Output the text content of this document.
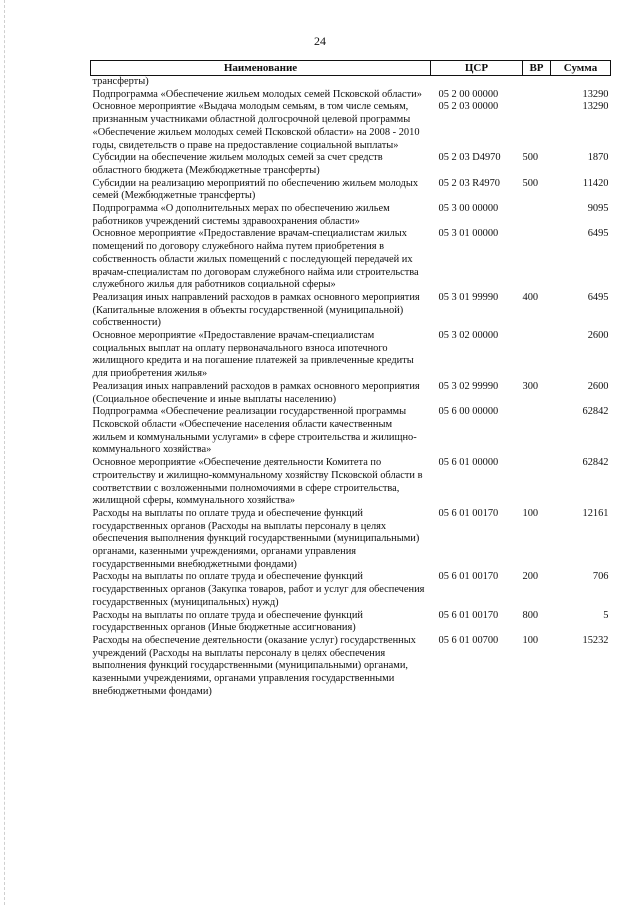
24
Наименование	ЦСР	ВР	Сумма
трансферты)			
Подпрограмма «Обеспечение жильем молодых семей Псковской области»	05 2 00 00000		13290
Основное мероприятие «Выдача молодым семьям, в том числе семьям, признанным участниками областной долгосрочной целевой программы «Обеспечение жильем молодых семей Псковской области» на 2008 - 2010 годы, свидетельств о праве на предоставление социальной выплаты»	05 2 03 00000		13290
Субсидии на обеспечение жильем молодых семей за счет средств областного бюджета (Межбюджетные трансферты)	05 2 03 D4970	500	1870
Субсидии на реализацию мероприятий по обеспечению жильем молодых семей (Межбюджетные трансферты)	05 2 03 R4970	500	11420
Подпрограмма «О дополнительных мерах по обеспечению жильем работников учреждений системы здравоохранения области»	05 3 00 00000		9095
Основное мероприятие «Предоставление врачам-специалистам жилых помещений по договору служебного найма путем приобретения в собственность области жилых помещений с последующей передачей их врачам-специалистам по договорам служебного найма или строительства служебного жилья для работников социальной сферы»	05 3 01 00000		6495
Реализация иных направлений расходов в рамках основного мероприятия (Капитальные вложения в объекты государственной (муниципальной) собственности)	05 3 01 99990	400	6495
Основное мероприятие «Предоставление врачам-специалистам социальных выплат на оплату первоначального взноса ипотечного жилищного кредита и на погашение платежей за привлеченные кредиты для приобретения жилья»	05 3 02 00000		2600
Реализация иных направлений расходов в рамках основного мероприятия (Социальное обеспечение и иные выплаты населению)	05 3 02 99990	300	2600
Подпрограмма «Обеспечение реализации государственной программы Псковской области «Обеспечение населения области качественным жильем и коммунальными услугами» в сфере строительства и жилищно-коммунального хозяйства»	05 6 00 00000		62842
Основное мероприятие «Обеспечение деятельности Комитета по строительству и жилищно-коммунальному хозяйству Псковской области в соответствии с возложенными полномочиями в сфере строительства, жилищной сферы, коммунального хозяйства»	05 6 01 00000		62842
Расходы на выплаты по оплате труда и обеспечение функций государственных органов (Расходы на выплаты персоналу в целях обеспечения выполнения функций государственными (муниципальными) органами, казенными учреждениями, органами управления государственными внебюджетными фондами)	05 6 01 00170	100	12161
Расходы на выплаты по оплате труда и обеспечение функций государственных органов (Закупка товаров, работ и услуг для обеспечения государственных (муниципальных) нужд)	05 6 01 00170	200	706
Расходы на выплаты по оплате труда и обеспечение функций государственных органов (Иные бюджетные ассигнования)	05 6 01 00170	800	5
Расходы на обеспечение деятельности (оказание услуг) государственных учреждений (Расходы на выплаты персоналу в целях обеспечения выполнения функций государственными (муниципальными) органами, казенными учреждениями, органами управления государственными внебюджетными фондами)	05 6 01 00700	100	15232
